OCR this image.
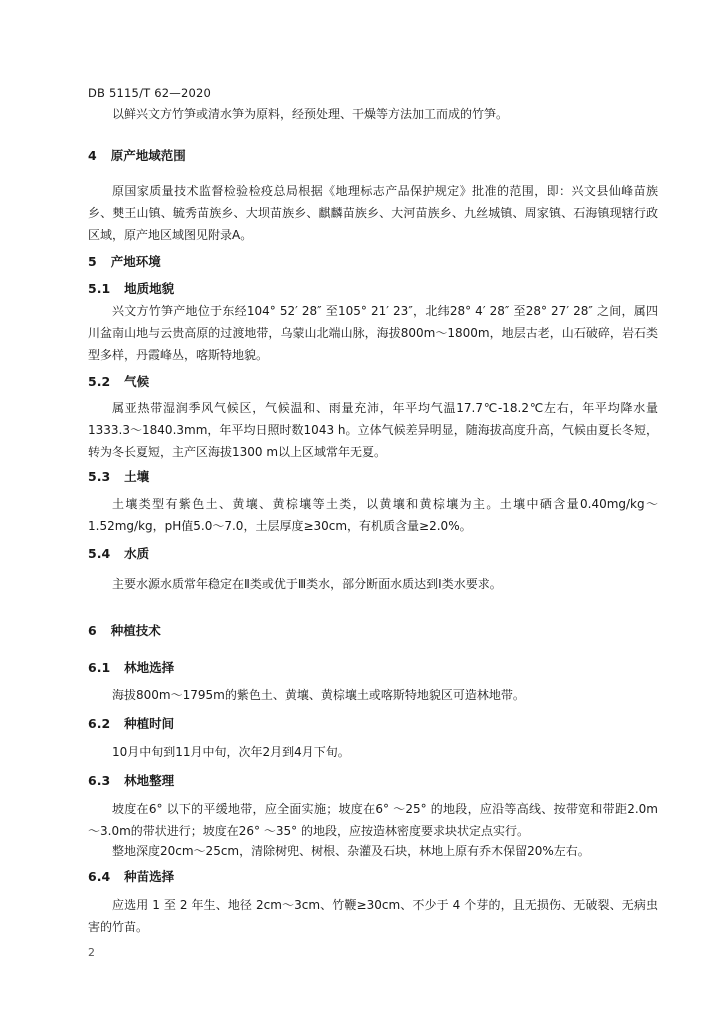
DB 5115/T 62—2020
以鲜兴文方竹笋或清水笋为原料，经预处理、干燥等方法加工而成的竹笋。
4 原产地域范围
原国家质量技术监督检验检疫总局根据《地理标志产品保护规定》批准的范围，即：兴文县仙峰苗族乡、僰王山镇、毓秀苗族乡、大坝苗族乡、麒麟苗族乡、大河苗族乡、九丝城镇、周家镇、石海镇现辖行政区域，原产地区域图见附录A。
5 产地环境
5.1 地质地貌
兴文方竹笋产地位于东经104° 52′ 28″ 至105° 21′ 23″，北纬28° 4′ 28″ 至28° 27′ 28″ 之间，属四川盆南山地与云贵高原的过渡地带，乌蒙山北端山脉，海拔800m～1800m，地层古老，山石破碎，岩石类型多样，丹霞峰丛，喀斯特地貌。
5.2 气候
属亚热带湿润季风气候区，气候温和、雨量充沛，年平均气温17.7℃-18.2℃左右，年平均降水量1333.3～1840.3mm，年平均日照时数1043 h。立体气候差异明显，随海拔高度升高，气候由夏长冬短，转为冬长夏短，主产区海拔1300 m以上区域常年无夏。
5.3 土壤
土壤类型有紫色土、黄壤、黄棕壤等土类，以黄壤和黄棕壤为主。土壤中硒含量0.40mg/kg～1.52mg/kg，pH值5.0～7.0，土层厚度≥30cm，有机质含量≥2.0%。
5.4 水质
主要水源水质常年稳定在Ⅱ类或优于Ⅲ类水，部分断面水质达到Ⅰ类水要求。
6 种植技术
6.1 林地选择
海拔800m～1795m的紫色土、黄壤、黄棕壤土或喀斯特地貌区可造林地带。
6.2 种植时间
10月中旬到11月中旬，次年2月到4月下旬。
6.3 林地整理
坡度在6° 以下的平缓地带，应全面实施；坡度在6° ～25° 的地段，应沿等高线、按带宽和带距2.0m～3.0m的带状进行；坡度在26° ～35° 的地段，应按造林密度要求块状定点实行。
整地深度20cm～25cm，清除树兜、树根、杂灌及石块，林地上原有乔木保留20%左右。
6.4 种苗选择
应选用 1 至 2 年生、地径 2cm～3cm、竹鞭≥30cm、不少于 4 个芽的，且无损伤、无破裂、无病虫害的竹苗。
2
